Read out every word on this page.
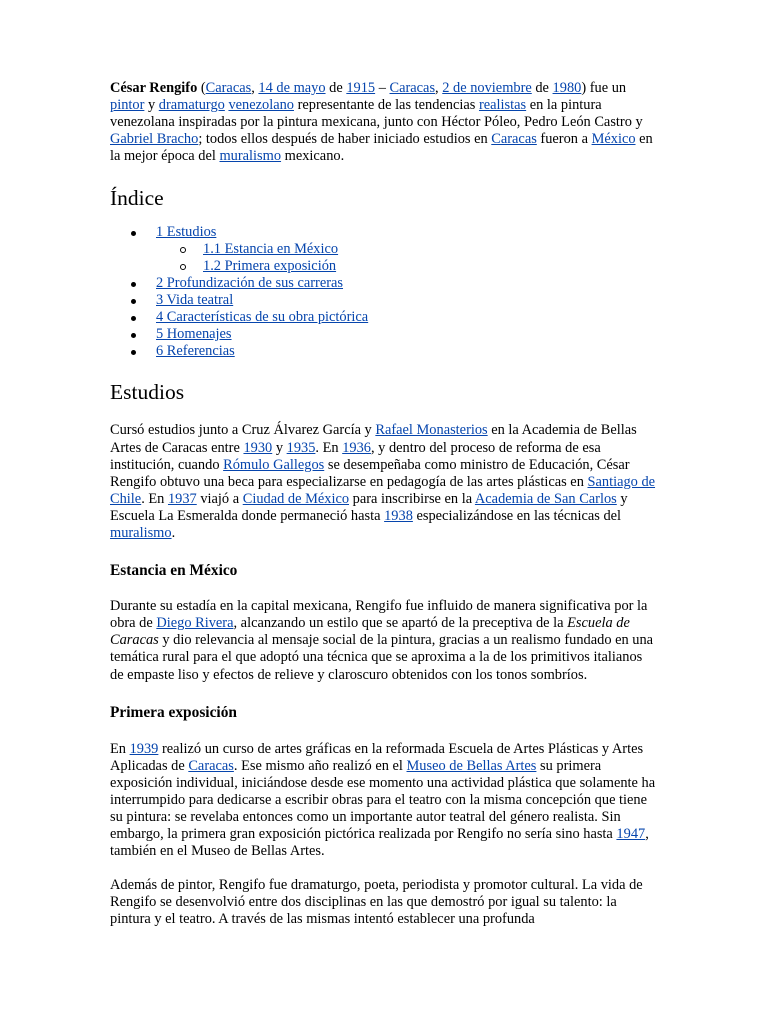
César Rengifo (Caracas, 14 de mayo de 1915 – Caracas, 2 de noviembre de 1980) fue un pintor y dramaturgo venezolano representante de las tendencias realistas en la pintura venezolana inspiradas por la pintura mexicana, junto con Héctor Póleo, Pedro León Castro y Gabriel Bracho; todos ellos después de haber iniciado estudios en Caracas fueron a México en la mejor época del muralismo mexicano.

Índice
1 Estudios
1.1 Estancia en México
1.2 Primera exposición
2 Profundización de sus carreras
3 Vida teatral
4 Características de su obra pictórica
5 Homenajes
6 Referencias
Estudios

Cursó estudios junto a Cruz Álvarez García y Rafael Monasterios en la Academia de Bellas Artes de Caracas entre 1930 y 1935. En 1936, y dentro del proceso de reforma de esa institución, cuando Rómulo Gallegos se desempeñaba como ministro de Educación, César Rengifo obtuvo una beca para especializarse en pedagogía de las artes plásticas en Santiago de Chile. En 1937 viajó a Ciudad de México para inscribirse en la Academia de San Carlos y Escuela La Esmeralda donde permaneció hasta 1938 especializándose en las técnicas del muralismo.

Estancia en México

Durante su estadía en la capital mexicana, Rengifo fue influido de manera significativa por la obra de Diego Rivera, alcanzando un estilo que se apartó de la preceptiva de la Escuela de Caracas y dio relevancia al mensaje social de la pintura, gracias a un realismo fundado en una temática rural para el que adoptó una técnica que se aproxima a la de los primitivos italianos de empaste liso y efectos de relieve y claroscuro obtenidos con los tonos sombríos.

Primera exposición

En 1939 realizó un curso de artes gráficas en la reformada Escuela de Artes Plásticas y Artes Aplicadas de Caracas. Ese mismo año realizó en el Museo de Bellas Artes su primera exposición individual, iniciándose desde ese momento una actividad plástica que solamente ha interrumpido para dedicarse a escribir obras para el teatro con la misma concepción que tiene su pintura: se revelaba entonces como un importante autor teatral del género realista. Sin embargo, la primera gran exposición pictórica realizada por Rengifo no sería sino hasta 1947, también en el Museo de Bellas Artes.

Además de pintor, Rengifo fue dramaturgo, poeta, periodista y promotor cultural. La vida de Rengifo se desenvolvió entre dos disciplinas en las que demostró por igual su talento: la pintura y el teatro. A través de las mismas intentó establecer una profunda
